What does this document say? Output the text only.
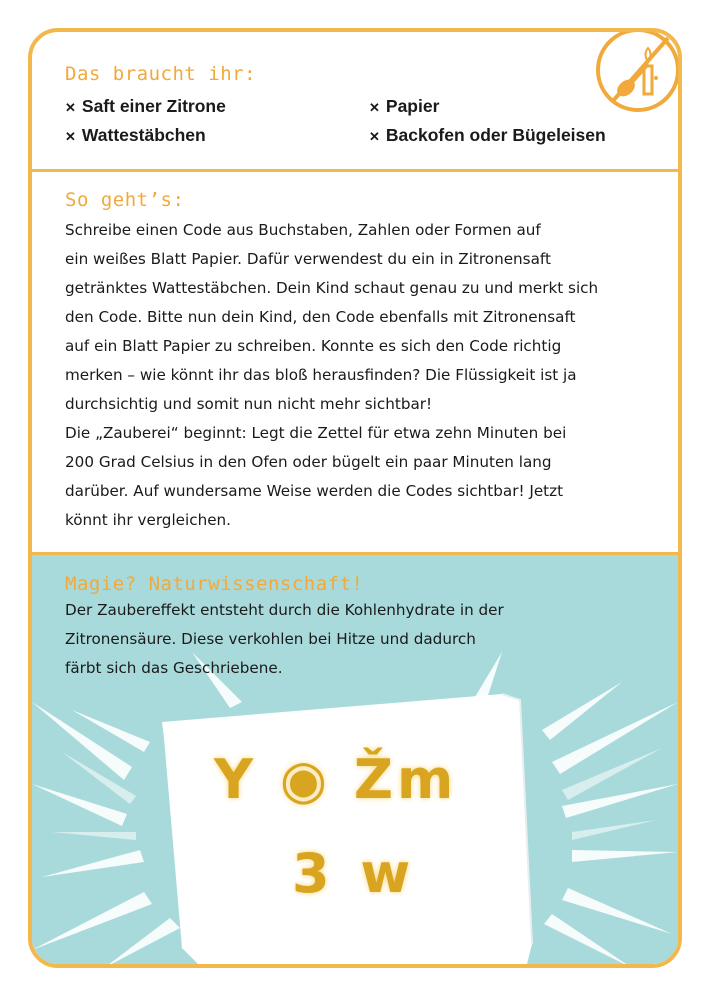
Das braucht ihr:
✕ Saft einer Zitrone
✕ Wattestäbchen
✕ Papier
✕ Backofen oder Bügeleisen
So geht’s:

Schreibe einen Code aus Buchstaben, Zahlen oder Formen auf
ein weißes Blatt Papier. Dafür verwendest du ein in Zitronensaft
getränktes Wattestäbchen. Dein Kind schaut genau zu und merkt sich
den Code. Bitte nun dein Kind, den Code ebenfalls mit Zitronensaft
auf ein Blatt Papier zu schreiben. Konnte es sich den Code richtig
merken – wie könnt ihr das bloß herausfinden? Die Flüssigkeit ist ja
durchsichtig und somit nun nicht mehr sichtbar!
Die „Zauberei“ beginnt: Legt die Zettel für etwa zehn Minuten bei
200 Grad Celsius in den Ofen oder bügelt ein paar Minuten lang
darüber. Auf wundersame Weise werden die Codes sichtbar! Jetzt
könnt ihr vergleichen.

Magie? Naturwissenschaft!

Der Zaubereffekt entsteht durch die Kohlenhydrate in der
Zitronensäure. Diese verkohlen bei Hitze und dadurch
färbt sich das Geschriebene.

Y ◉ Žm
3 w
